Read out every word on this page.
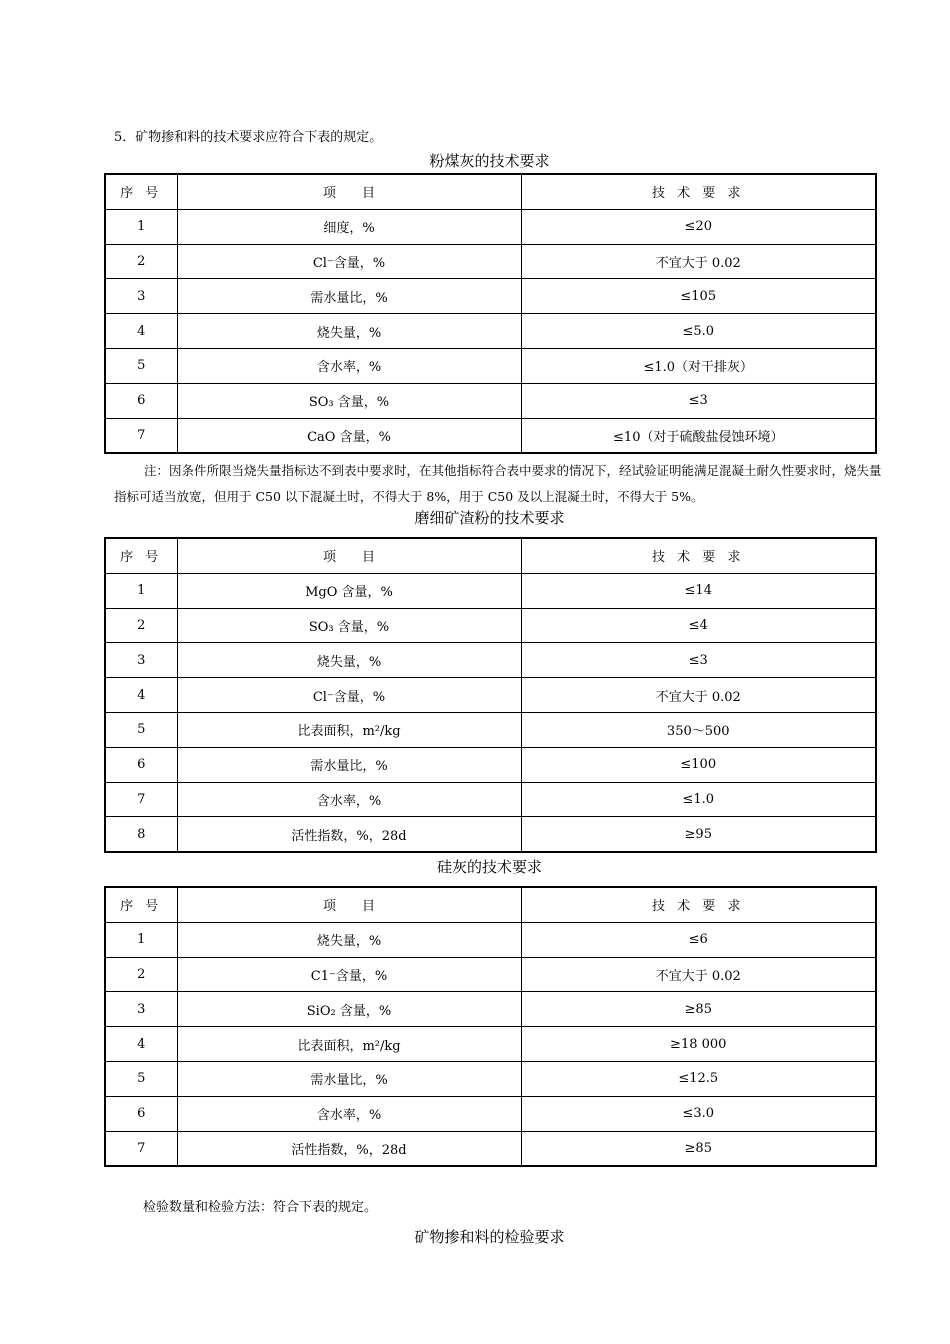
5．矿物掺和料的技术要求应符合下表的规定。
粉煤灰的技术要求
序 号	项　　目	技 术 要 求
1	细度，%	≤20
2	Cl⁻含量，%	不宜大于 0.02
3	需水量比，%	≤105
4	烧失量，%	≤5.0
5	含水率，%	≤1.0（对干排灰）
6	SO₃ 含量，%	≤3
7	CaO 含量，%	≤10（对于硫酸盐侵蚀环境）
注：因条件所限当烧失量指标达不到表中要求时，在其他指标符合表中要求的情况下，经试验证明能满足混凝土耐久性要求时，烧失量指标可适当放宽，但用于 C50 以下混凝土时，不得大于 8%，用于 C50 及以上混凝土时，不得大于 5%。
磨细矿渣粉的技术要求
序 号	项　　目	技 术 要 求
1	MgO 含量，%	≤14
2	SO₃ 含量，%	≤4
3	烧失量，%	≤3
4	Cl⁻含量，%	不宜大于 0.02
5	比表面积，m²/kg	350～500
6	需水量比，%	≤100
7	含水率，%	≤1.0
8	活性指数，%，28d	≥95
硅灰的技术要求
序 号	项　　目	技 术 要 求
1	烧失量，%	≤6
2	C1⁻含量，%	不宜大于 0.02
3	SiO₂ 含量，%	≥85
4	比表面积，m²/kg	≥18 000
5	需水量比，%	≤12.5
6	含水率，%	≤3.0
7	活性指数，%，28d	≥85
检验数量和检验方法：符合下表的规定。
矿物掺和料的检验要求
